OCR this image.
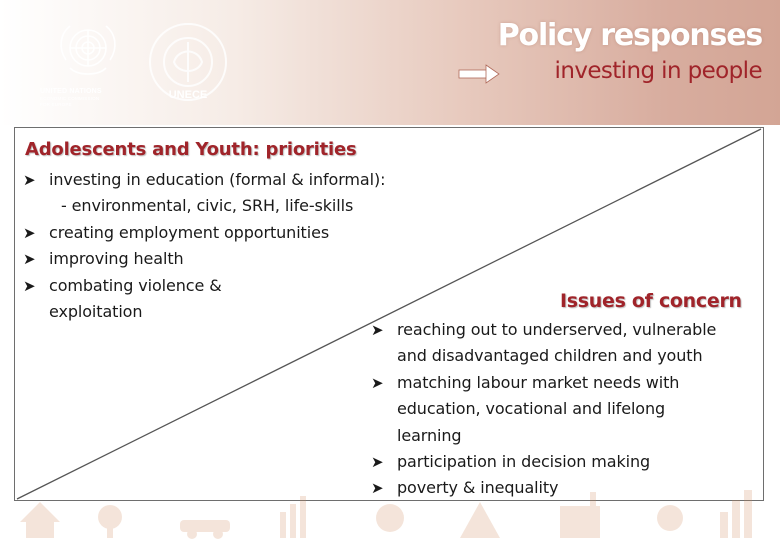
UNITED NATIONS
ECONOMIC COMMISSION
FOR EUROPE
UNECE
Policy responses
investing in people
Adolescents and Youth: priorities
➤ investing in education (formal & informal):
- environmental, civic, SRH, life-skills
➤ creating employment opportunities
➤ improving health
➤ combating violence &
exploitation	Issues of concern
➤ reaching out to underserved, vulnerable
and disadvantaged children and youth
➤ matching labour market needs with
education, vocational and lifelong
learning
➤ participation in decision making
➤ poverty & inequality
